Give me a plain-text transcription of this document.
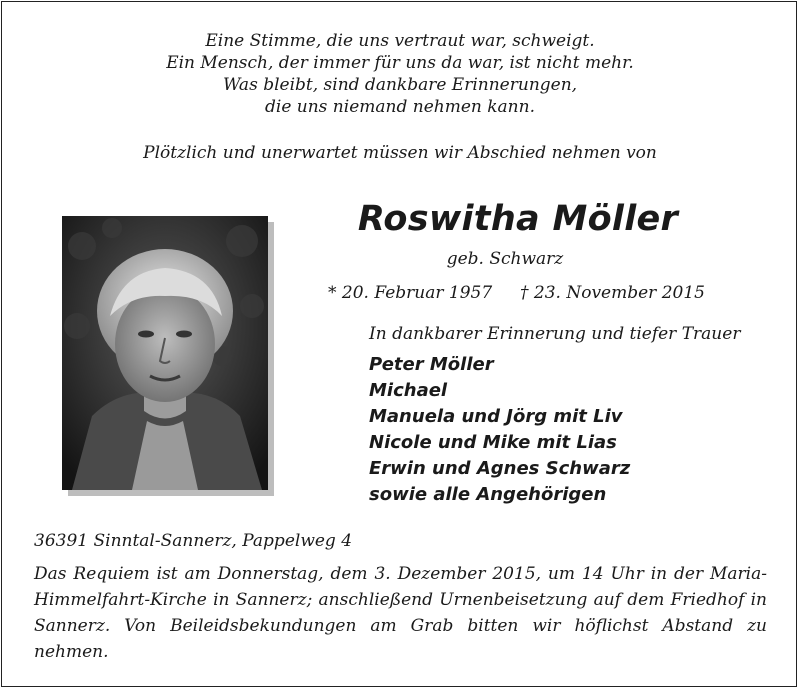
Eine Stimme, die uns vertraut war, schweigt.
Ein Mensch, der immer für uns da war, ist nicht mehr.
Was bleibt, sind dankbare Erinnerungen,
die uns niemand nehmen kann.
Plötzlich und unerwartet müssen wir Abschied nehmen von
Roswitha Möller
geb. Schwarz
* 20. Februar 1957 † 23. November 2015
In dankbarer Erinnerung und tiefer Trauer
Peter Möller
Michael
Manuela und Jörg mit Liv
Nicole und Mike mit Lias
Erwin und Agnes Schwarz
sowie alle Angehörigen
36391 Sinntal-Sannerz, Pappelweg 4
Das Requiem ist am Donnerstag, dem 3. Dezember 2015, um 14 Uhr in der Maria-Himmelfahrt-Kirche in Sannerz; anschließend Urnenbeisetzung auf dem Friedhof in Sannerz. Von Beileidsbekundungen am Grab bitten wir höflichst Abstand zu nehmen.
